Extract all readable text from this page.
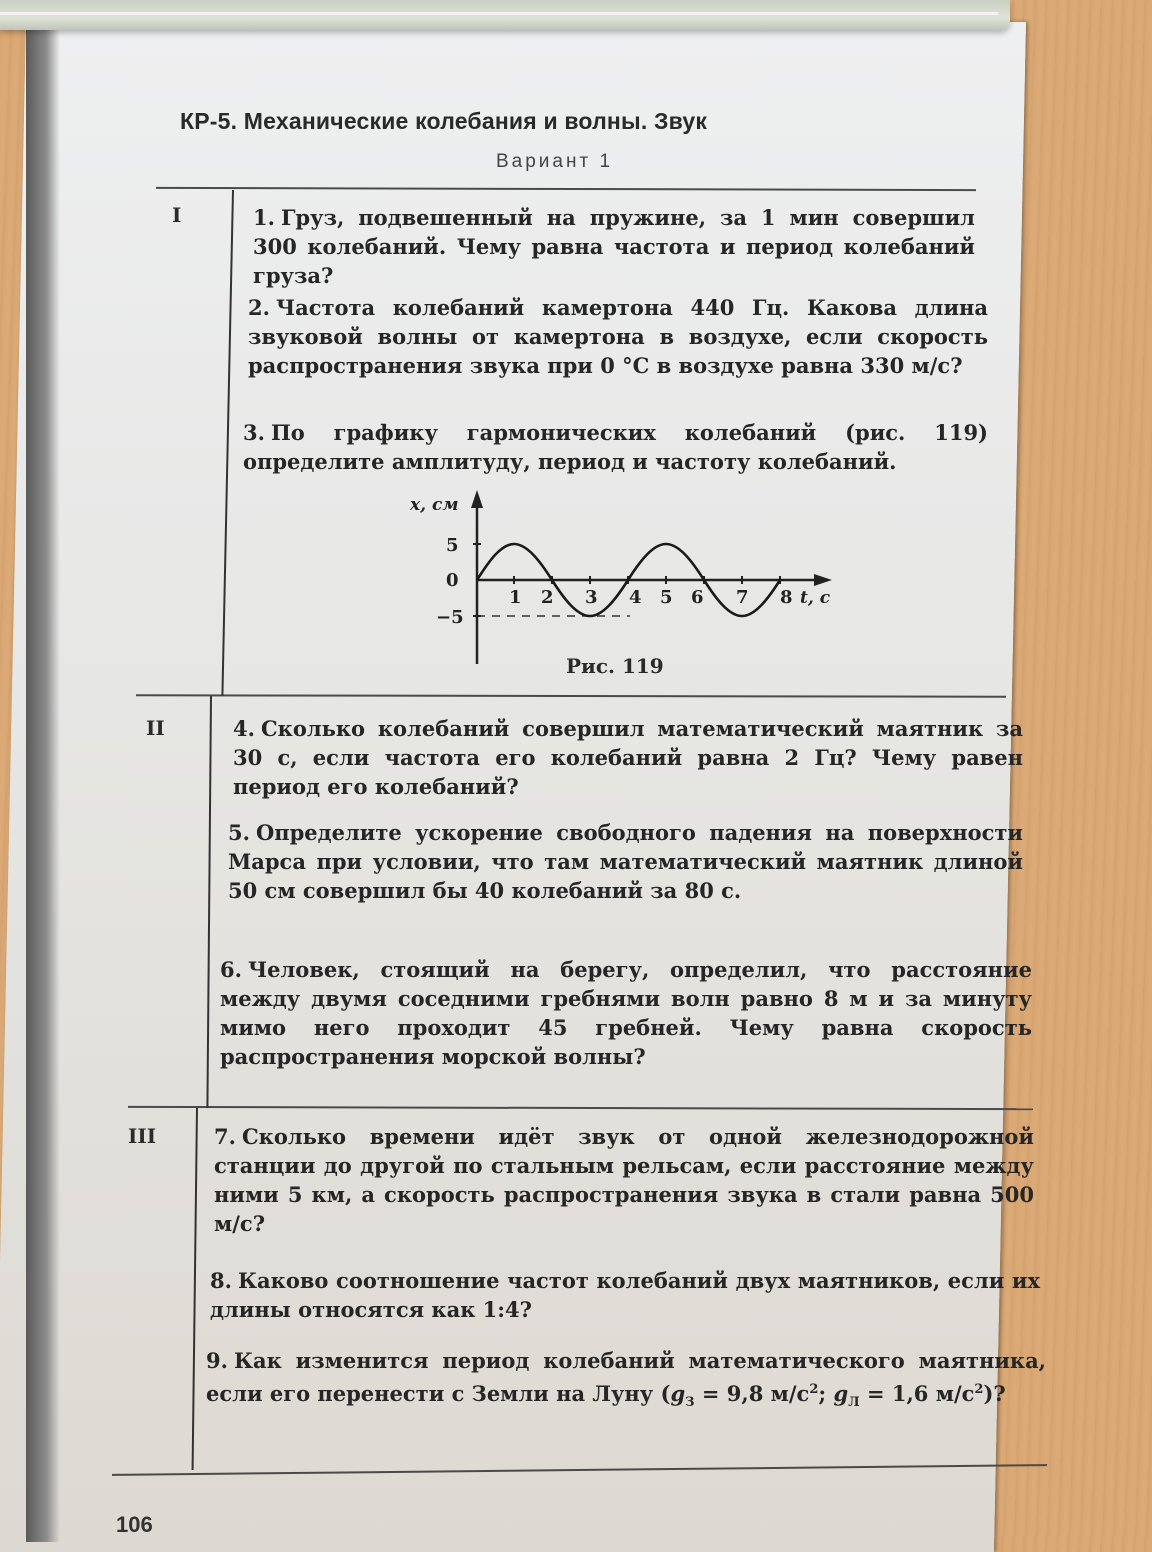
КР-5. Механические колебания и волны. Звук
Вариант 1
I	1. Груз, подвешенный на пружине, за 1 мин совершил 300 колебаний. Чему равна частота и период колебаний груза?
2. Частота колебаний камертона 440 Гц. Какова длина звуковой волны от камертона в воздухе, если скорость распространения звука при 0 °С в воздухе равна 330 м/с?
3. По графику гармонических колебаний (рис. 119) определите амплитуду, период и частоту колебаний.
x, см
5
0
−5
1 2 3 4 5 6 7 8 t, с
Рис. 119
II	4. Сколько колебаний совершил математический маятник за 30 с, если частота его колебаний равна 2 Гц? Чему равен период его колебаний?
5. Определите ускорение свободного падения на поверхности Марса при условии, что там математический маятник длиной 50 см совершил бы 40 колебаний за 80 с.
6. Человек, стоящий на берегу, определил, что расстояние между двумя соседними гребнями волн равно 8 м и за минуту мимо него проходит 45 гребней. Чему равна скорость распространения морской волны?
III	7. Сколько времени идёт звук от одной железнодорожной станции до другой по стальным рельсам, если расстояние между ними 5 км, а скорость распространения звука в стали равна 500 м/с?
8. Каково соотношение частот колебаний двух маятников, если их длины относятся как 1:4?
9. Как изменится период колебаний математического маятника, если его перенести с Земли на Луну ($g_З = 9,8$ $м/с^2$; $g_Л = 1,6$ $м/с^2$)?
106
